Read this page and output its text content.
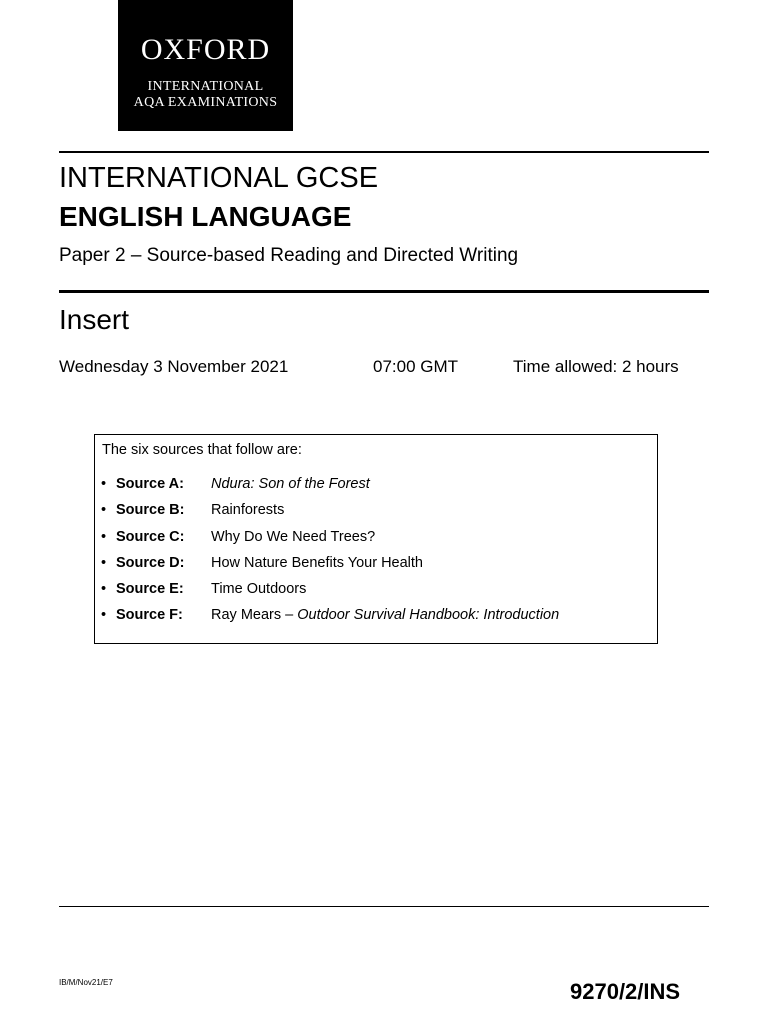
OXFORD
INTERNATIONAL
AQA EXAMINATIONS
INTERNATIONAL GCSE
ENGLISH LANGUAGE
Paper 2 – Source-based Reading and Directed Writing
Insert
Wednesday 3 November 2021	07:00 GMT	Time allowed: 2 hours
The six sources that follow are:
• Source A: Ndura: Son of the Forest
• Source B: Rainforests
• Source C: Why Do We Need Trees?
• Source D: How Nature Benefits Your Health
• Source E: Time Outdoors
• Source F: Ray Mears – Outdoor Survival Handbook: Introduction
IB/M/Nov21/E7	9270/2/INS
